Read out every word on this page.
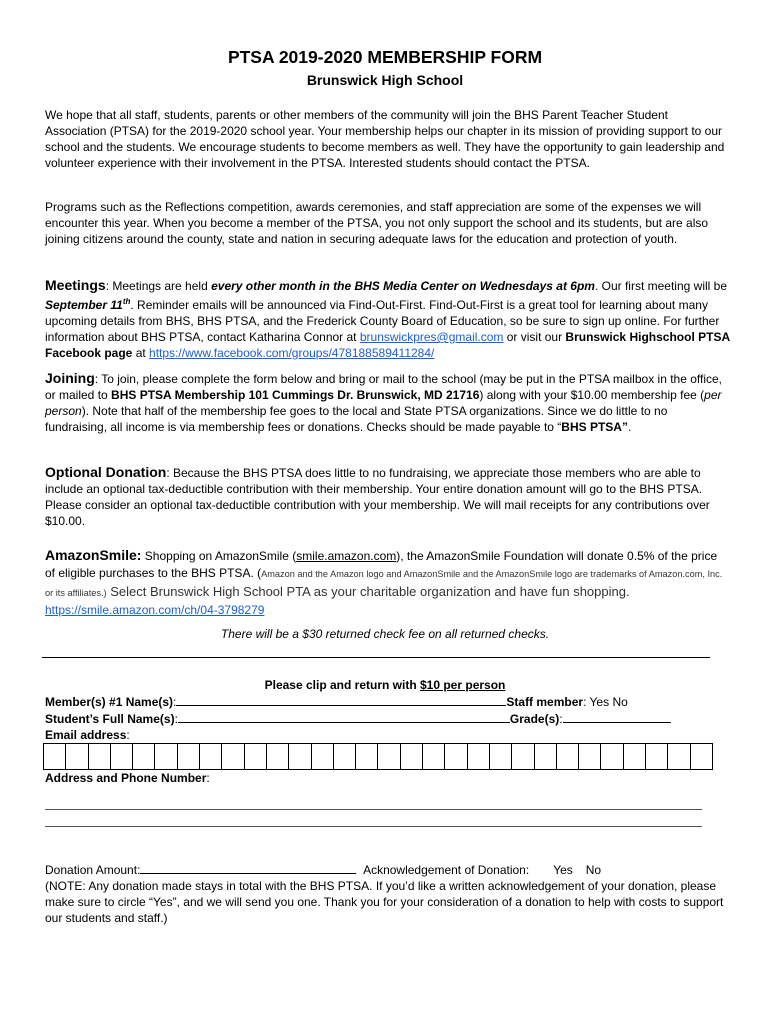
PTSA 2019-2020 MEMBERSHIP FORM
Brunswick High School

We hope that all staff, students, parents or other members of the community will join the BHS Parent Teacher Student Association (PTSA) for the 2019-2020 school year. Your membership helps our chapter in its mission of providing support to our school and the students. We encourage students to become members as well. They have the opportunity to gain leadership and volunteer experience with their involvement in the PTSA. Interested students should contact the PTSA.

Programs such as the Reflections competition, awards ceremonies, and staff appreciation are some of the expenses we will encounter this year. When you become a member of the PTSA, you not only support the school and its students, but are also joining citizens around the county, state and nation in securing adequate laws for the education and protection of youth.

Meetings: Meetings are held every other month in the BHS Media Center on Wednesdays at 6pm. Our first meeting will be September 11th. Reminder emails will be announced via Find-Out-First. Find-Out-First is a great tool for learning about many upcoming details from BHS, BHS PTSA, and the Frederick County Board of Education, so be sure to sign up online. For further information about BHS PTSA, contact Katharina Connor at brunswickpres@gmail.com or visit our Brunswick Highschool PTSA Facebook page at https://www.facebook.com/groups/478188589411284/

Joining: To join, please complete the form below and bring or mail to the school (may be put in the PTSA mailbox in the office, or mailed to BHS PTSA Membership 101 Cummings Dr. Brunswick, MD 21716) along with your $10.00 membership fee (per person). Note that half of the membership fee goes to the local and State PTSA organizations. Since we do little to no fundraising, all income is via membership fees or donations. Checks should be made payable to “BHS PTSA”.

Optional Donation: Because the BHS PTSA does little to no fundraising, we appreciate those members who are able to include an optional tax-deductible contribution with their membership. Your entire donation amount will go to the BHS PTSA. Please consider an optional tax-deductible contribution with your membership. We will mail receipts for any contributions over $10.00.

AmazonSmile: Shopping on AmazonSmile (smile.amazon.com), the AmazonSmile Foundation will donate 0.5% of the price of eligible purchases to the BHS PTSA. (Amazon and the Amazon logo and AmazonSmile and the AmazonSmile logo are trademarks of Amazon.com, Inc. or its affiliates.) Select Brunswick High School PTA as your charitable organization and have fun shopping.
https://smile.amazon.com/ch/04-3798279

There will be a $30 returned check fee on all returned checks.
Please clip and return with $10 per person
Member(s) #1 Name(s):	Staff member: Yes No
Student’s Full Name(s):	Grade(s):
Email address:
Address and Phone Number:
Donation Amount:	Acknowledgement of Donation: Yes No

(NOTE: Any donation made stays in total with the BHS PTSA. If you’d like a written acknowledgement of your donation, please make sure to circle “Yes”, and we will send you one. Thank you for your consideration of a donation to help with costs to support our students and staff.)
